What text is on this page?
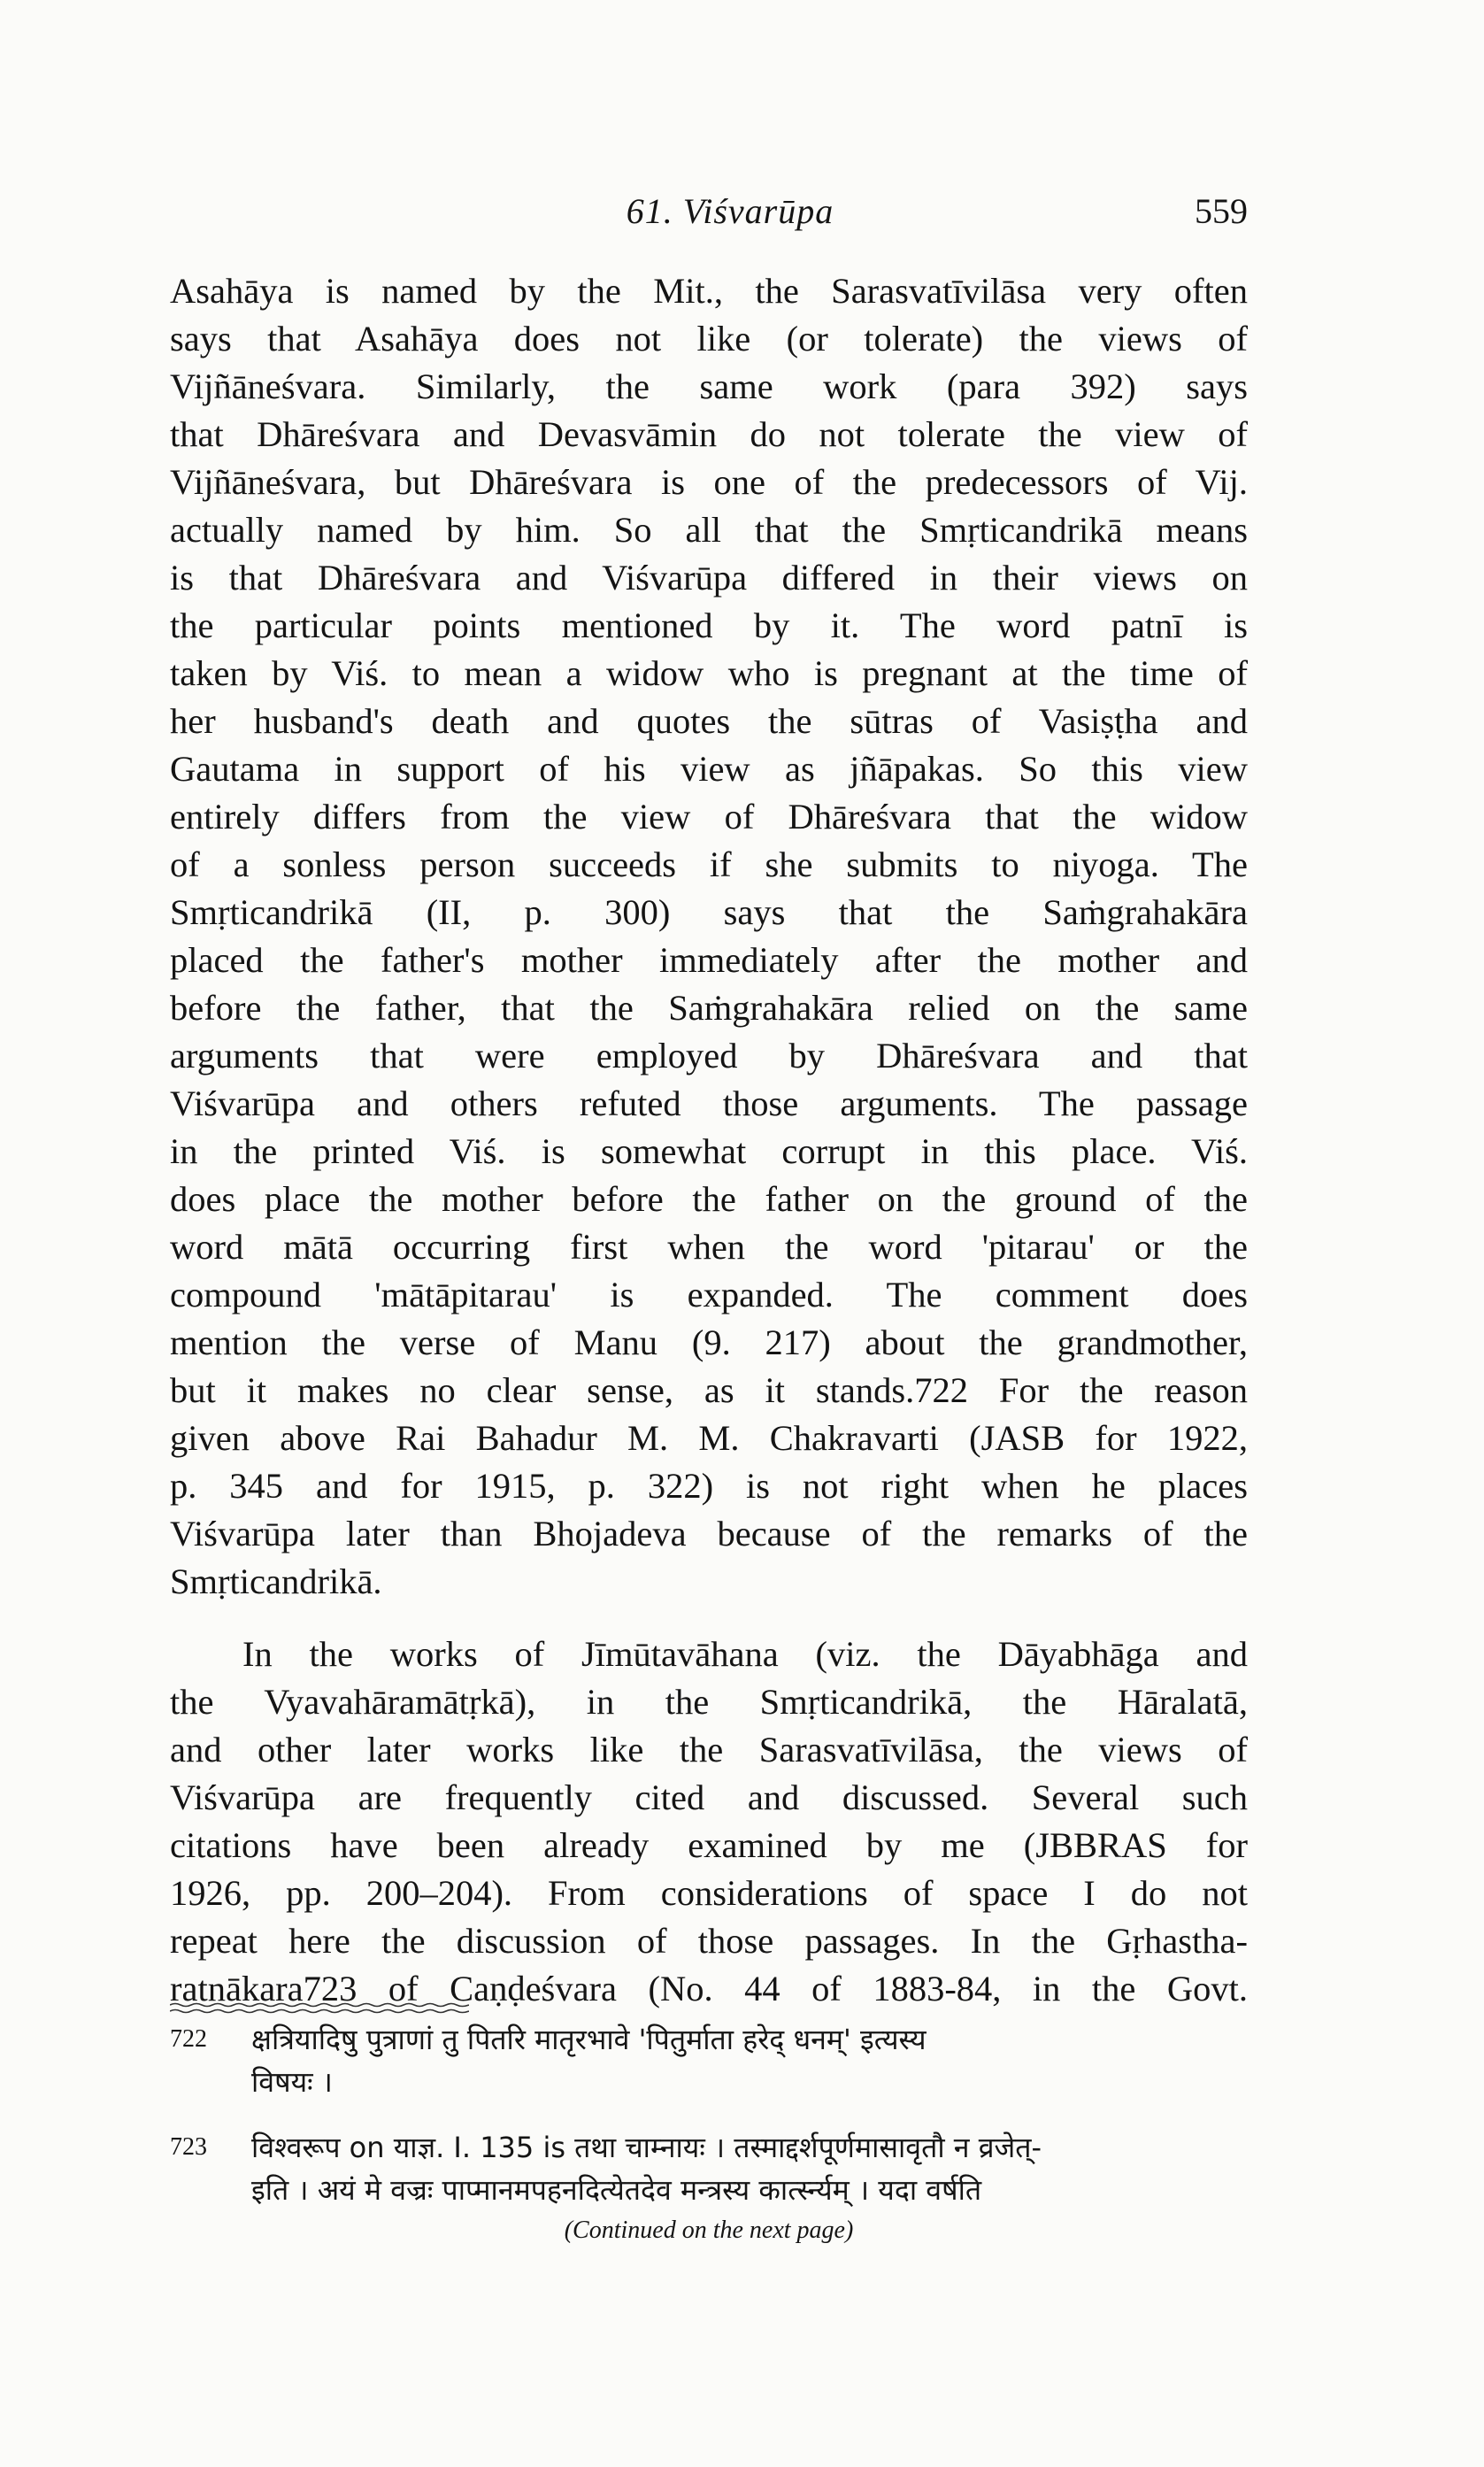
61. Viśvarūpa	559
Asahāya is named by the Mit., the Sarasvatīvilāsa very often
says that Asahāya does not like (or tolerate) the views of
Vijñāneśvara. Similarly, the same work (para 392) says
that Dhāreśvara and Devasvāmin do not tolerate the view of
Vijñāneśvara, but Dhāreśvara is one of the predecessors of Vij.
actually named by him. So all that the Smṛticandrikā means
is that Dhāreśvara and Viśvarūpa differed in their views on
the particular points mentioned by it. The word patnī is
taken by Viś. to mean a widow who is pregnant at the time of
her husband's death and quotes the sūtras of Vasiṣṭha and
Gautama in support of his view as jñāpakas. So this view
entirely differs from the view of Dhāreśvara that the widow
of a sonless person succeeds if she submits to niyoga. The
Smṛticandrikā (II, p. 300) says that the Saṁgrahakāra
placed the father's mother immediately after the mother and
before the father, that the Saṁgrahakāra relied on the same
arguments that were employed by Dhāreśvara and that
Viśvarūpa and others refuted those arguments. The passage
in the printed Viś. is somewhat corrupt in this place. Viś.
does place the mother before the father on the ground of the
word mātā occurring first when the word 'pitarau' or the
compound 'mātāpitarau' is expanded. The comment does
mention the verse of Manu (9. 217) about the grandmother,
but it makes no clear sense, as it stands.722 For the reason
given above Rai Bahadur M. M. Chakravarti (JASB for 1922,
p. 345 and for 1915, p. 322) is not right when he places
Viśvarūpa later than Bhojadeva because of the remarks of the
Smṛticandrikā.
In the works of Jīmūtavāhana (viz. the Dāyabhāga and
the Vyavahāramātṛkā), in the Smṛticandrikā, the Hāralatā,
and other later works like the Sarasvatīvilāsa, the views of
Viśvarūpa are frequently cited and discussed. Several such
citations have been already examined by me (JBBRAS for
1926, pp. 200–204). From considerations of space I do not
repeat here the discussion of those passages. In the Gṛhastha-
ratnākara723 of Caṇḍeśvara (No. 44 of 1883-84, in the Govt.
722	क्षत्रियादिषु पुत्राणां तु पितरि मातृरभावे 'पितुर्माता हरेद् धनम्' इत्यस्य
विषयः ।
723	विश्वरूप on याज्ञ. I. 135 is तथा चाम्नायः । तस्माद्दर्शपूर्णमासावृतौ न व्रजेत्-
इति । अयं मे वज्रः पाप्मानमपहनदित्येतदेव मन्त्रस्य कार्त्स्न्यम् । यदा वर्षति
(Continued on the next page)
